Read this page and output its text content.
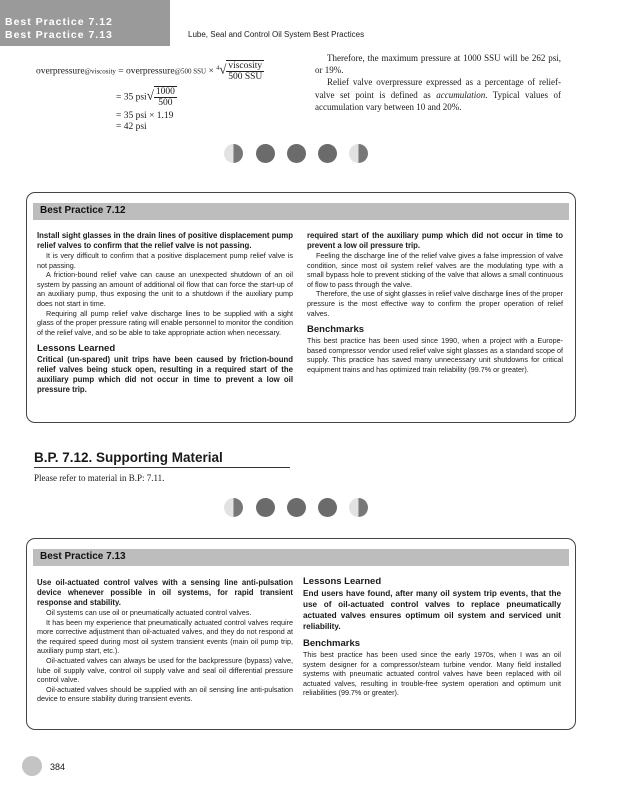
Best Practice 7.12
Best Practice 7.13	Lube, Seal and Control Oil System Best Practices
overpressure@viscosity = overpressure@500 SSU × $^4√ \frac{\text{viscosity}}{\text{500 SSU}}$
= 35 $psi√ \frac{1000}{500}$
= 35 psi × 1.19
= 42 psi
Therefore, the maximum pressure at 1000 SSU will be 262 psi, or 19%.
Relief valve overpressure expressed as a percentage of relief-valve set point is defined as accumulation. Typical values of accumulation vary between 10 and 20%.
Best Practice 7.12

Install sight glasses in the drain lines of positive displacement pump relief valves to confirm that the relief valve is not passing.

It is very difficult to confirm that a positive displacement pump relief valve is not passing.

A friction-bound relief valve can cause an unexpected shutdown of an oil system by passing an amount of additional oil flow that can force the start-up of an auxiliary pump, thus exposing the unit to a shutdown if the auxiliary pump does not start in time.

Requiring all pump relief valve discharge lines to be supplied with a sight glass of the proper pressure rating will enable personnel to monitor the condition of the relief valve, and so be able to take appropriate action when necessary.

Lessons Learned

Critical (un-spared) unit trips have been caused by friction-bound relief valves being stuck open, resulting in a required start of the auxiliary pump which did not occur in time to prevent a low oil pressure trip.

required start of the auxiliary pump which did not occur in time to prevent a low oil pressure trip.

Feeling the discharge line of the relief valve gives a false impression of valve condition, since most oil system relief valves are the modulating type with a small bypass hole to prevent sticking of the valve that allows a small continuous of flow to pass through the valve.

Therefore, the use of sight glasses in relief valve discharge lines of the proper pressure is the most effective way to confirm the proper operation of relief valves.

Benchmarks

This best practice has been used since 1990, when a project with a Europe-based compressor vendor used relief valve sight glasses as a standard scope of supply. This practice has saved many unnecessary unit shutdowns for critical equipment trains and has optimized train reliability (99.7% or greater).

B.P. 7.12. Supporting Material
Please refer to material in B.P: 7.11.
Best Practice 7.13

Use oil-actuated control valves with a sensing line anti-pulsation device whenever possible in oil systems, for rapid transient response and stability.

Oil systems can use oil or pneumatically actuated control valves.

It has been my experience that pneumatically actuated control valves require more corrective adjustment than oil-actuated valves, and they do not respond at the required speed during most oil system transient events (main oil pump trip, auxiliary pump start, etc.).

Oil-actuated valves can always be used for the backpressure (bypass) valve, lube oil supply valve, control oil supply valve and seal oil differential pressure control valve.

Oil-actuated valves should be supplied with an oil sensing line anti-pulsation device to ensure stability during transient events.

Lessons Learned

End users have found, after many oil system trip events, that the use of oil-actuated control valves to replace pneumatically actuated valves ensures optimum oil system and serviced unit reliability.

Benchmarks

This best practice has been used since the early 1970s, when I was an oil system designer for a compressor/steam turbine vendor. Many field installed systems with pneumatic actuated control valves have been replaced with oil actuated valves, resulting in trouble-free system operation and optimum unit reliabilities (99.7% or greater).

384
